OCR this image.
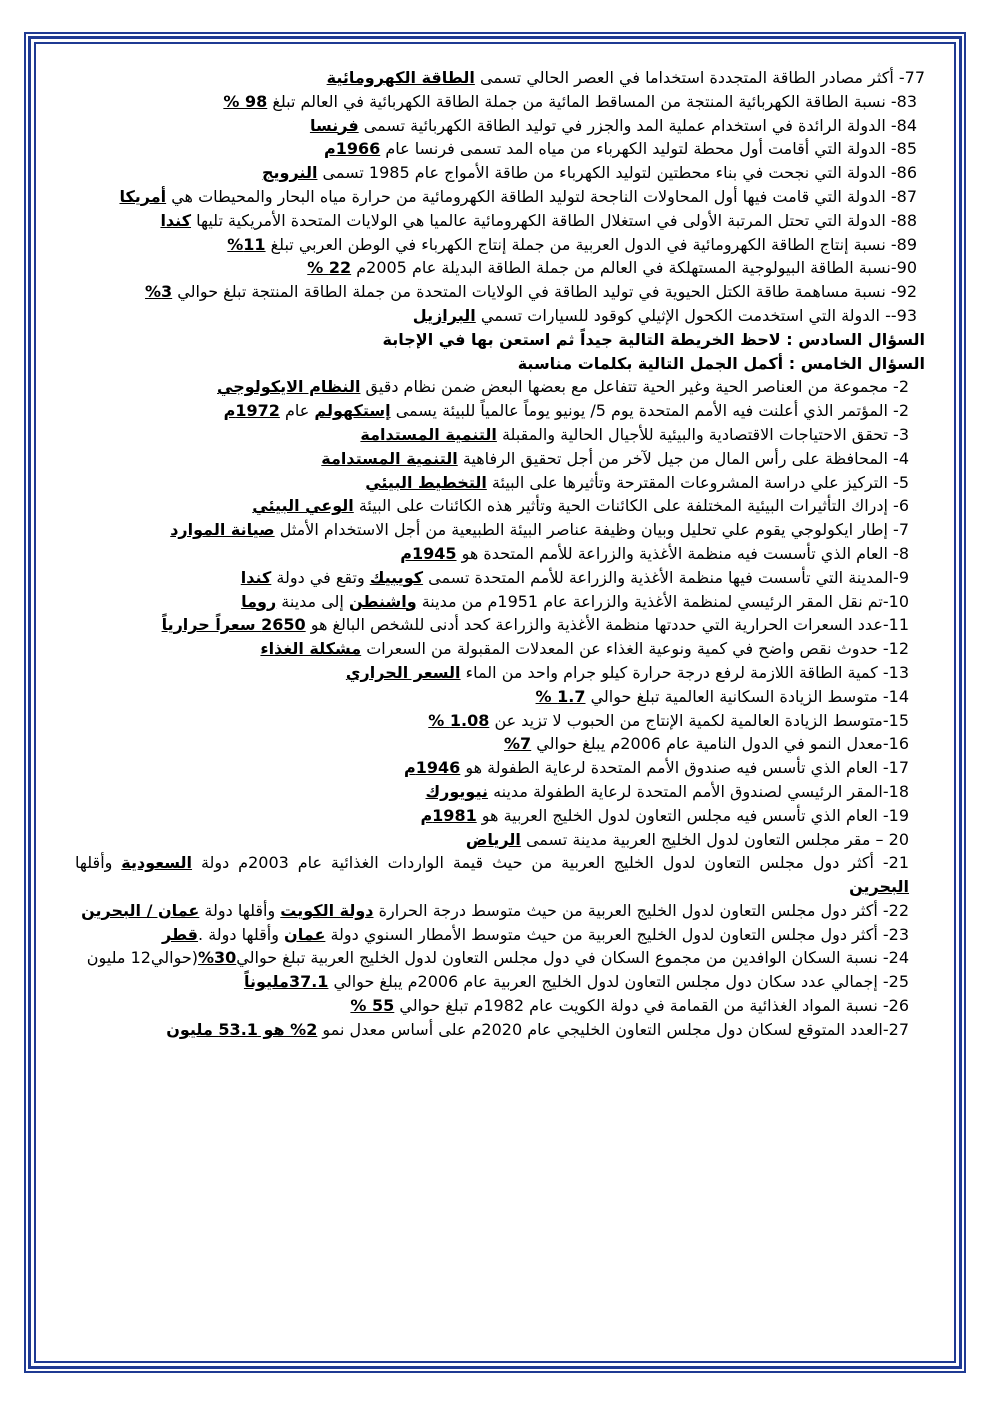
77- أكثر مصادر الطاقة المتجددة استخداما في العصر الحالي تسمى الطاقة الكهرومائية
83- نسبة الطاقة الكهربائية المنتجة من المساقط المائية من جملة الطاقة الكهربائية في العالم تبلغ 98 %
84- الدولة الرائدة في استخدام عملية المد والجزر في توليد الطاقة الكهربائية تسمى فرنسا
85- الدولة التي أقامت أول محطة لتوليد الكهرباء من مياه المد تسمى فرنسا عام 1966م
86- الدولة التي نجحت في بناء محطتين لتوليد الكهرباء من طاقة الأمواج عام 1985 تسمى النرويج
87- الدولة التي قامت فيها أول المحاولات الناجحة لتوليد الطاقة الكهرومائية من حرارة مياه البحار والمحيطات هي أمريكا
88- الدولة التي تحتل المرتبة الأولى في استغلال الطاقة الكهرومائية عالميا هي الولايات المتحدة الأمريكية تليها كندا
89- نسبة إنتاج الطاقة الكهرومائية في الدول العربية من جملة إنتاج الكهرباء في الوطن العربي تبلغ 11%
90-نسبة الطاقة البيولوجية المستهلكة في العالم من جملة الطاقة البديلة عام 2005م 22 %
92- نسبة مساهمة طاقة الكتل الحيوية في توليد الطاقة في الولايات المتحدة من جملة الطاقة المنتجة تبلغ حوالي 3%
93-- الدولة التي استخدمت الكحول الإثيلي كوقود للسيارات تسمي البرازيل
السؤال السادس : لاحظ الخريطة التالية جيداً ثم استعن بها في الإجابة
السؤال الخامس : أكمل الجمل التالية بكلمات مناسبة
2- مجموعة من العناصر الحية وغير الحية تتفاعل مع بعضها البعض ضمن نظام دقيق النظام الايكولوجي
2- المؤتمر الذي أعلنت فيه الأمم المتحدة يوم 5/ يونيو يوماً عالمياً للبيئة يسمى إستكهولم عام 1972م
3- تحقق الاحتياجات الاقتصادية والبيئية للأجيال الحالية والمقبلة التنمية المستدامة
4- المحافظة على رأس المال من جيل لآخر من أجل تحقيق الرفاهية التنمية المستدامة
5- التركيز علي دراسة المشروعات المقترحة وتأثيرها على البيئة التخطيط البيئي
6- إدراك التأثيرات البيئية المختلفة على الكائنات الحية وتأثير هذه الكائنات على البيئة الوعي البيئي
7- إطار ايكولوجي يقوم علي تحليل وبيان وظيفة عناصر البيئة الطبيعية من أجل الاستخدام الأمثل صيانة الموارد
8- العام الذي تأسست فيه منظمة الأغذية والزراعة للأمم المتحدة هو 1945م
9-المدينة التي تأسست فيها منظمة الأغذية والزراعة للأمم المتحدة تسمى كويبيك وتقع في دولة كندا
10-تم نقل المقر الرئيسي لمنظمة الأغذية والزراعة عام 1951م من مدينة واشنطن إلى مدينة روما
11-عدد السعرات الحرارية التي حددتها منظمة الأغذية والزراعة كحد أدنى للشخص البالغ هو 2650 سعراً حرارياً
12- حدوث نقص واضح في كمية ونوعية الغذاء عن المعدلات المقبولة من السعرات مشكلة الغذاء
13- كمية الطاقة اللازمة لرفع درجة حرارة كيلو جرام واحد من الماء السعر الحراري
14- متوسط الزيادة السكانية العالمية تبلغ حوالي 1.7 %
15-متوسط الزيادة العالمية لكمية الإنتاج من الحبوب لا تزيد عن 1.08 %
16-معدل النمو في الدول النامية عام 2006م يبلغ حوالي 7%
17- العام الذي تأسس فيه صندوق الأمم المتحدة لرعاية الطفولة هو 1946م
18-المقر الرئيسي لصندوق الأمم المتحدة لرعاية الطفولة مدينه نيويورك
19- العام الذي تأسس فيه مجلس التعاون لدول الخليج العربية هو 1981م
20 – مقر مجلس التعاون لدول الخليج العربية مدينة تسمى الرياض
21- أكثر دول مجلس التعاون لدول الخليج العربية من حيث قيمة الواردات الغذائية عام 2003م دولة السعودية وأقلها البحرين
22- أكثر دول مجلس التعاون لدول الخليج العربية من حيث متوسط درجة الحرارة دولة الكويت وأقلها دولة عمان / البحرين
23- أكثر دول مجلس التعاون لدول الخليج العربية من حيث متوسط الأمطار السنوي دولة عمان وأقلها دولة .قطر
24- نسبة السكان الوافدين من مجموع السكان في دول مجلس التعاون لدول الخليج العربية تبلغ حوالي30%(حوالي12 مليون
25- إجمالي عدد سكان دول مجلس التعاون لدول الخليج العربية عام 2006م يبلغ حوالي 37.1مليوناً
26- نسبة المواد الغذائية من القمامة في دولة الكويت عام 1982م تبلغ حوالي 55 %
27-العدد المتوقع لسكان دول مجلس التعاون الخليجي عام 2020م على أساس معدل نمو 2% هو 53.1 مليون
